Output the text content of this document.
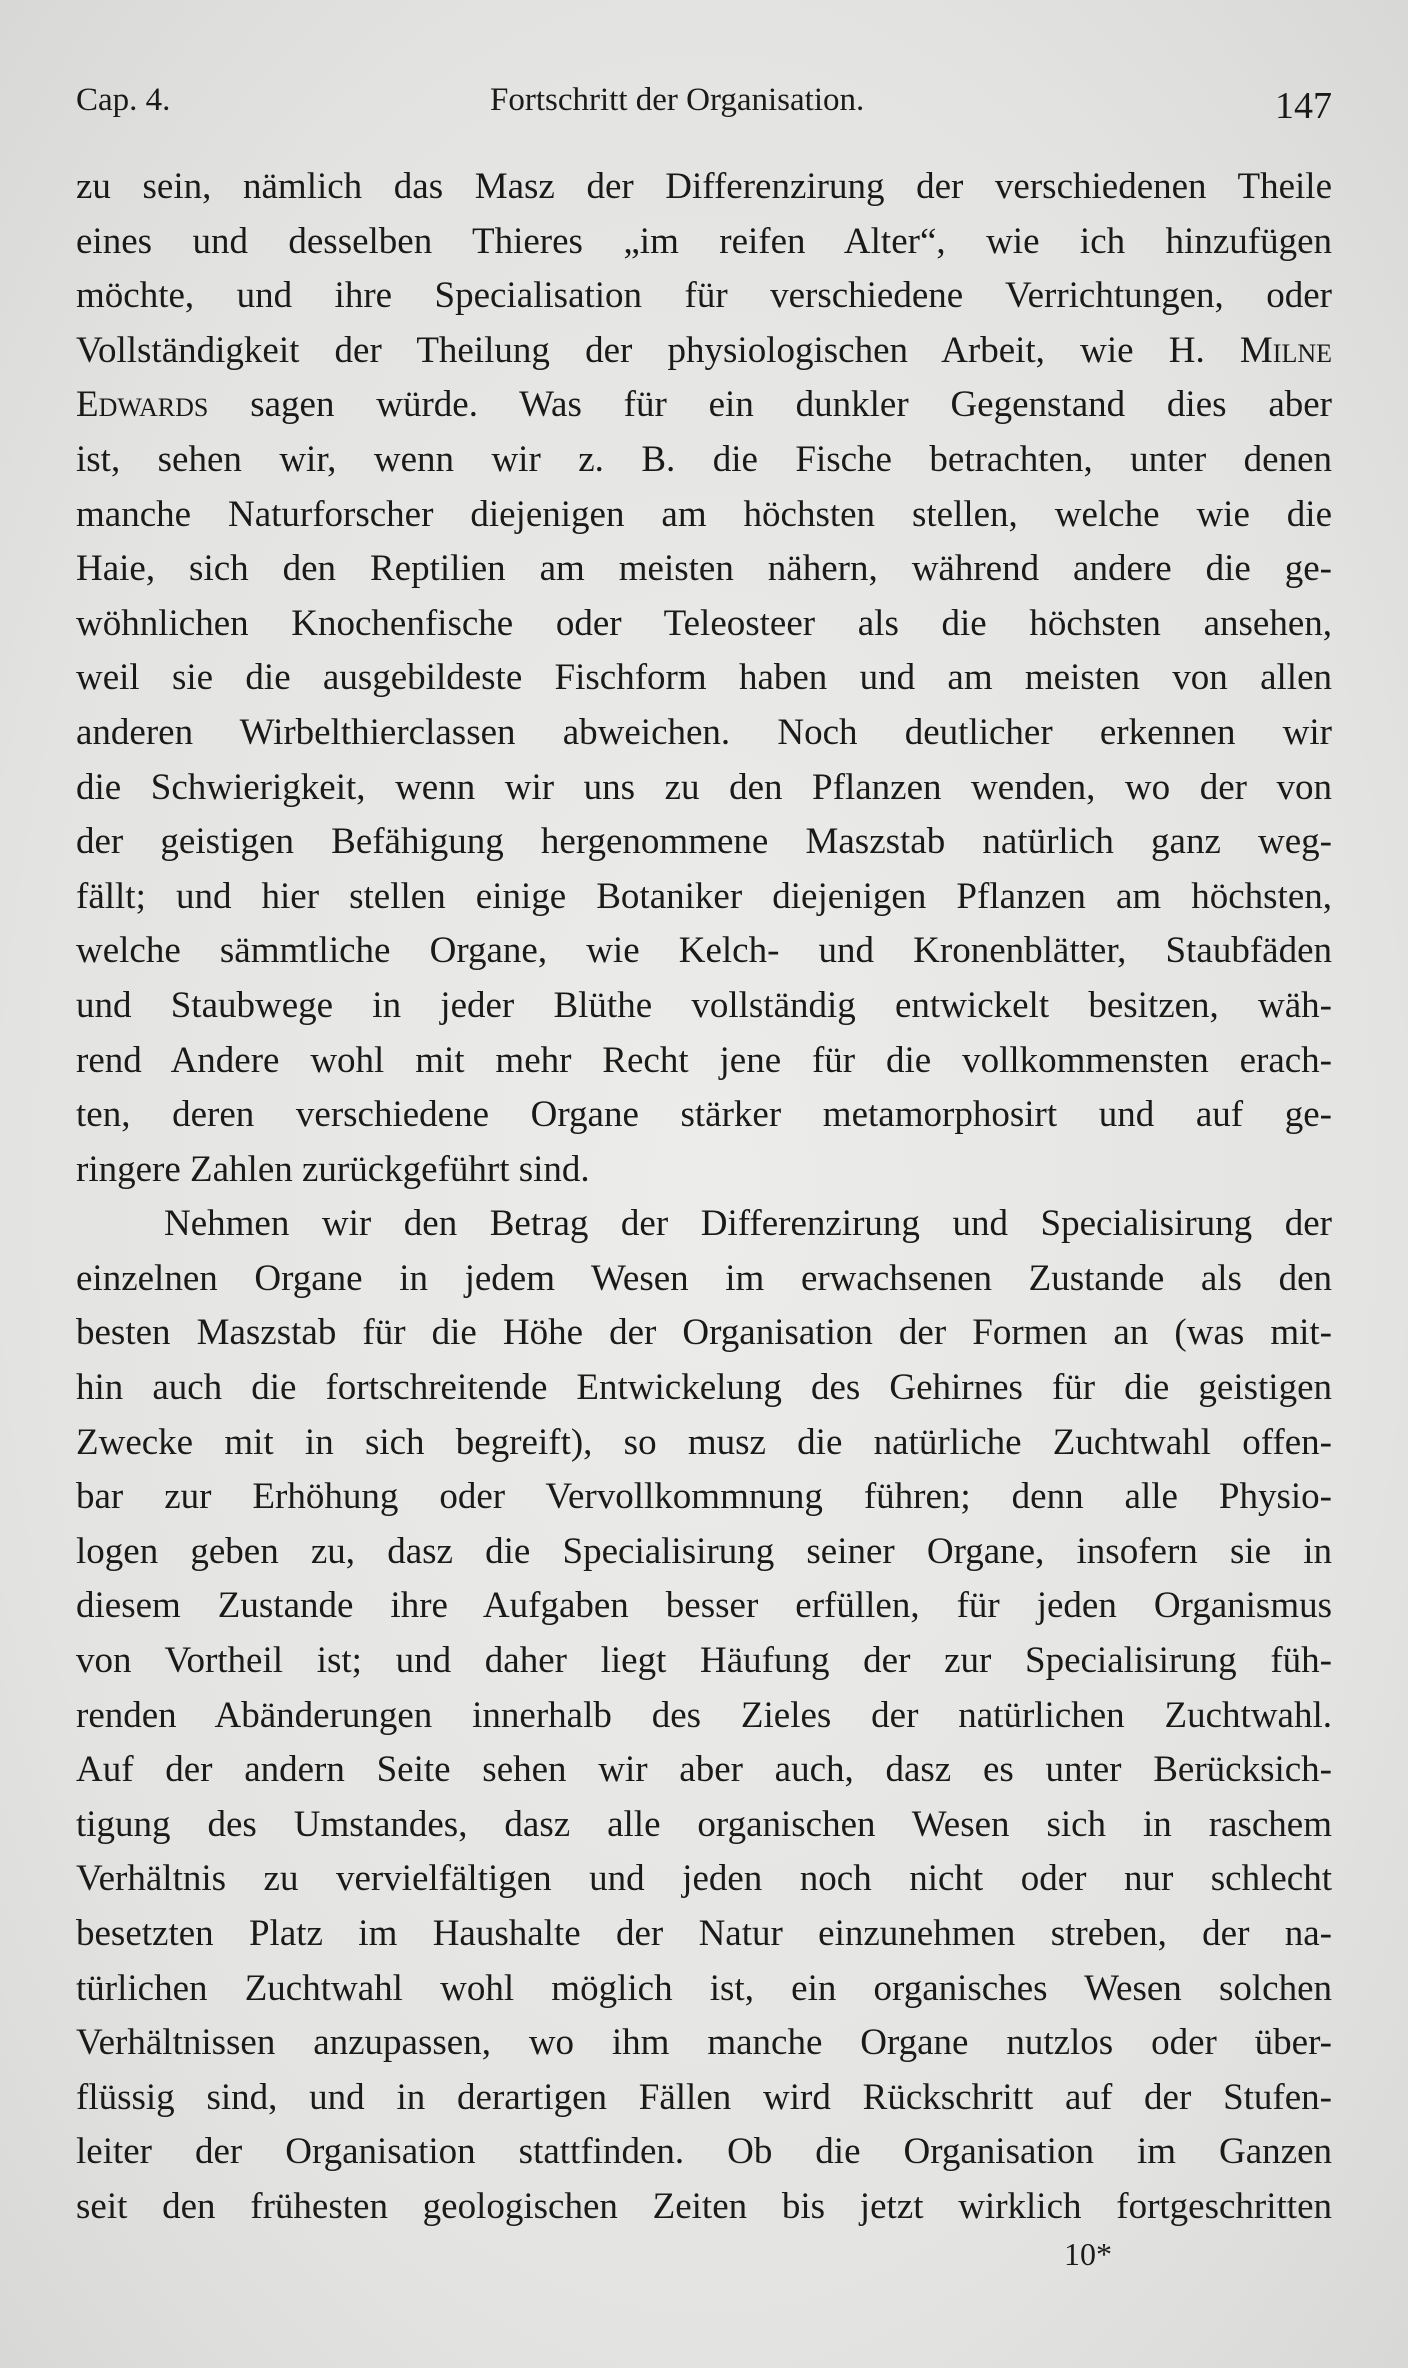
Cap. 4.	Fortschritt der Organisation.	147
zu sein, nämlich das Masz der Differenzirung der verschiedenen Theile
eines und desselben Thieres „im reifen Alter“, wie ich hinzufügen
möchte, und ihre Specialisation für verschiedene Verrichtungen, oder
Vollständigkeit der Theilung der physiologischen Arbeit, wie H. Milne
Edwards sagen würde. Was für ein dunkler Gegenstand dies aber
ist, sehen wir, wenn wir z. B. die Fische betrachten, unter denen
manche Naturforscher diejenigen am höchsten stellen, welche wie die
Haie, sich den Reptilien am meisten nähern, während andere die ge-
wöhnlichen Knochenfische oder Teleosteer als die höchsten ansehen,
weil sie die ausgebildeste Fischform haben und am meisten von allen
anderen Wirbelthierclassen abweichen. Noch deutlicher erkennen wir
die Schwierigkeit, wenn wir uns zu den Pflanzen wenden, wo der von
der geistigen Befähigung hergenommene Maszstab natürlich ganz weg-
fällt; und hier stellen einige Botaniker diejenigen Pflanzen am höchsten,
welche sämmtliche Organe, wie Kelch- und Kronenblätter, Staubfäden
und Staubwege in jeder Blüthe vollständig entwickelt besitzen, wäh-
rend Andere wohl mit mehr Recht jene für die vollkommensten erach-
ten, deren verschiedene Organe stärker metamorphosirt und auf ge-
ringere Zahlen zurückgeführt sind.
Nehmen wir den Betrag der Differenzirung und Specialisirung der
einzelnen Organe in jedem Wesen im erwachsenen Zustande als den
besten Maszstab für die Höhe der Organisation der Formen an (was mit-
hin auch die fortschreitende Entwickelung des Gehirnes für die geistigen
Zwecke mit in sich begreift), so musz die natürliche Zuchtwahl offen-
bar zur Erhöhung oder Vervollkommnung führen; denn alle Physio-
logen geben zu, dasz die Specialisirung seiner Organe, insofern sie in
diesem Zustande ihre Aufgaben besser erfüllen, für jeden Organismus
von Vortheil ist; und daher liegt Häufung der zur Specialisirung füh-
renden Abänderungen innerhalb des Zieles der natürlichen Zuchtwahl.
Auf der andern Seite sehen wir aber auch, dasz es unter Berücksich-
tigung des Umstandes, dasz alle organischen Wesen sich in raschem
Verhältnis zu vervielfältigen und jeden noch nicht oder nur schlecht
besetzten Platz im Haushalte der Natur einzunehmen streben, der na-
türlichen Zuchtwahl wohl möglich ist, ein organisches Wesen solchen
Verhältnissen anzupassen, wo ihm manche Organe nutzlos oder über-
flüssig sind, und in derartigen Fällen wird Rückschritt auf der Stufen-
leiter der Organisation stattfinden. Ob die Organisation im Ganzen
seit den frühesten geologischen Zeiten bis jetzt wirklich fortgeschritten
10*
